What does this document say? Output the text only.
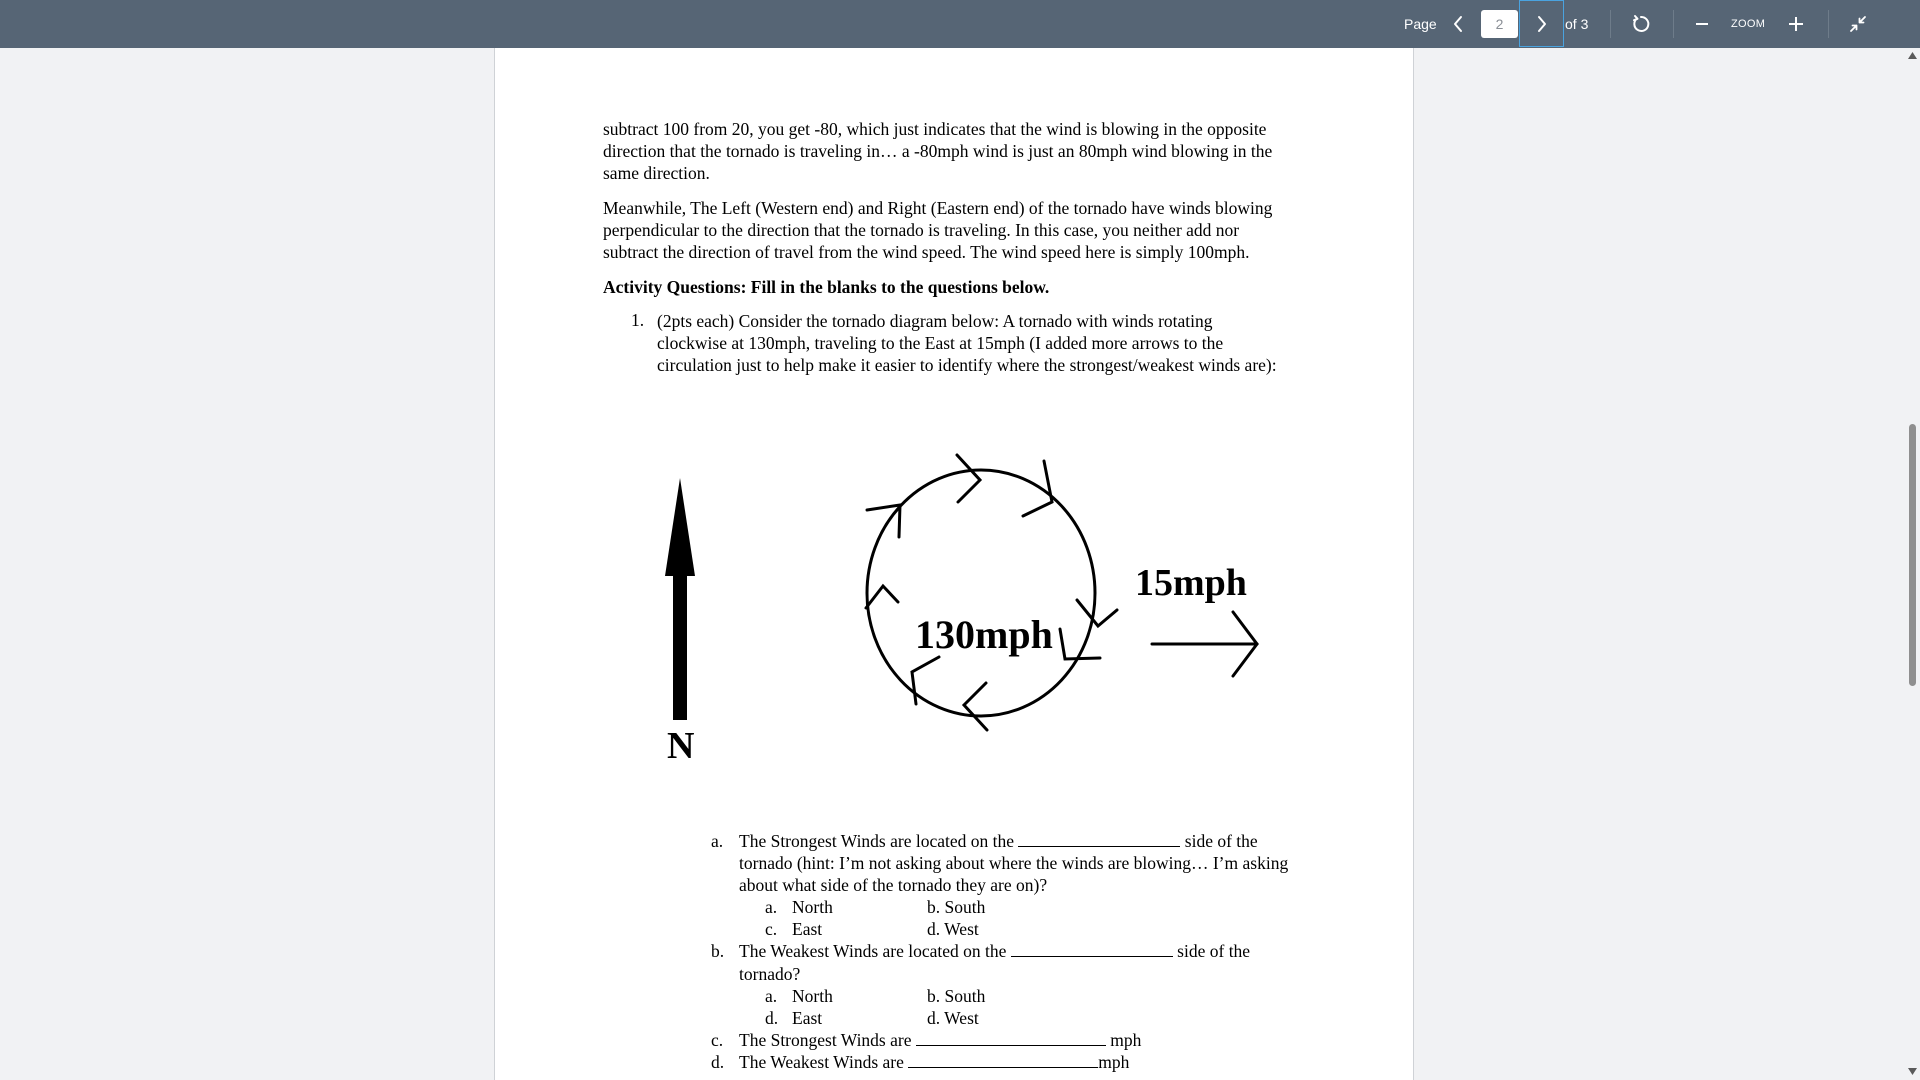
Page
2	of 3	ZOOM
subtract 100 from 20, you get -80, which just indicates that the wind is blowing in the opposite
direction that the tornado is traveling in… a -80mph wind is just an 80mph wind blowing in the
same direction.
Meanwhile, The Left (Western end) and Right (Eastern end) of the tornado have winds blowing
perpendicular to the direction that the tornado is traveling. In this case, you neither add nor
subtract the direction of travel from the wind speed. The wind speed here is simply 100mph.
Activity Questions: Fill in the blanks to the questions below.
1. (2pts each) Consider the tornado diagram below: A tornado with winds rotating
clockwise at 130mph, traveling to the East at 15mph (I added more arrows to the
circulation just to help make it easier to identify where the strongest/weakest winds are):
N
130mph
15mph
a. The Strongest Winds are located on the	side of the
tornado (hint: I’m not asking about where the winds are blowing… I’m asking
about what side of the tornado they are on)?
a. North	b. South
c. East	d. West
b. The Weakest Winds are located on the	side of the
tornado?
a. North	b. South
d. East	d. West
c. The Strongest Winds are	mph
d. The Weakest Winds are	mph
